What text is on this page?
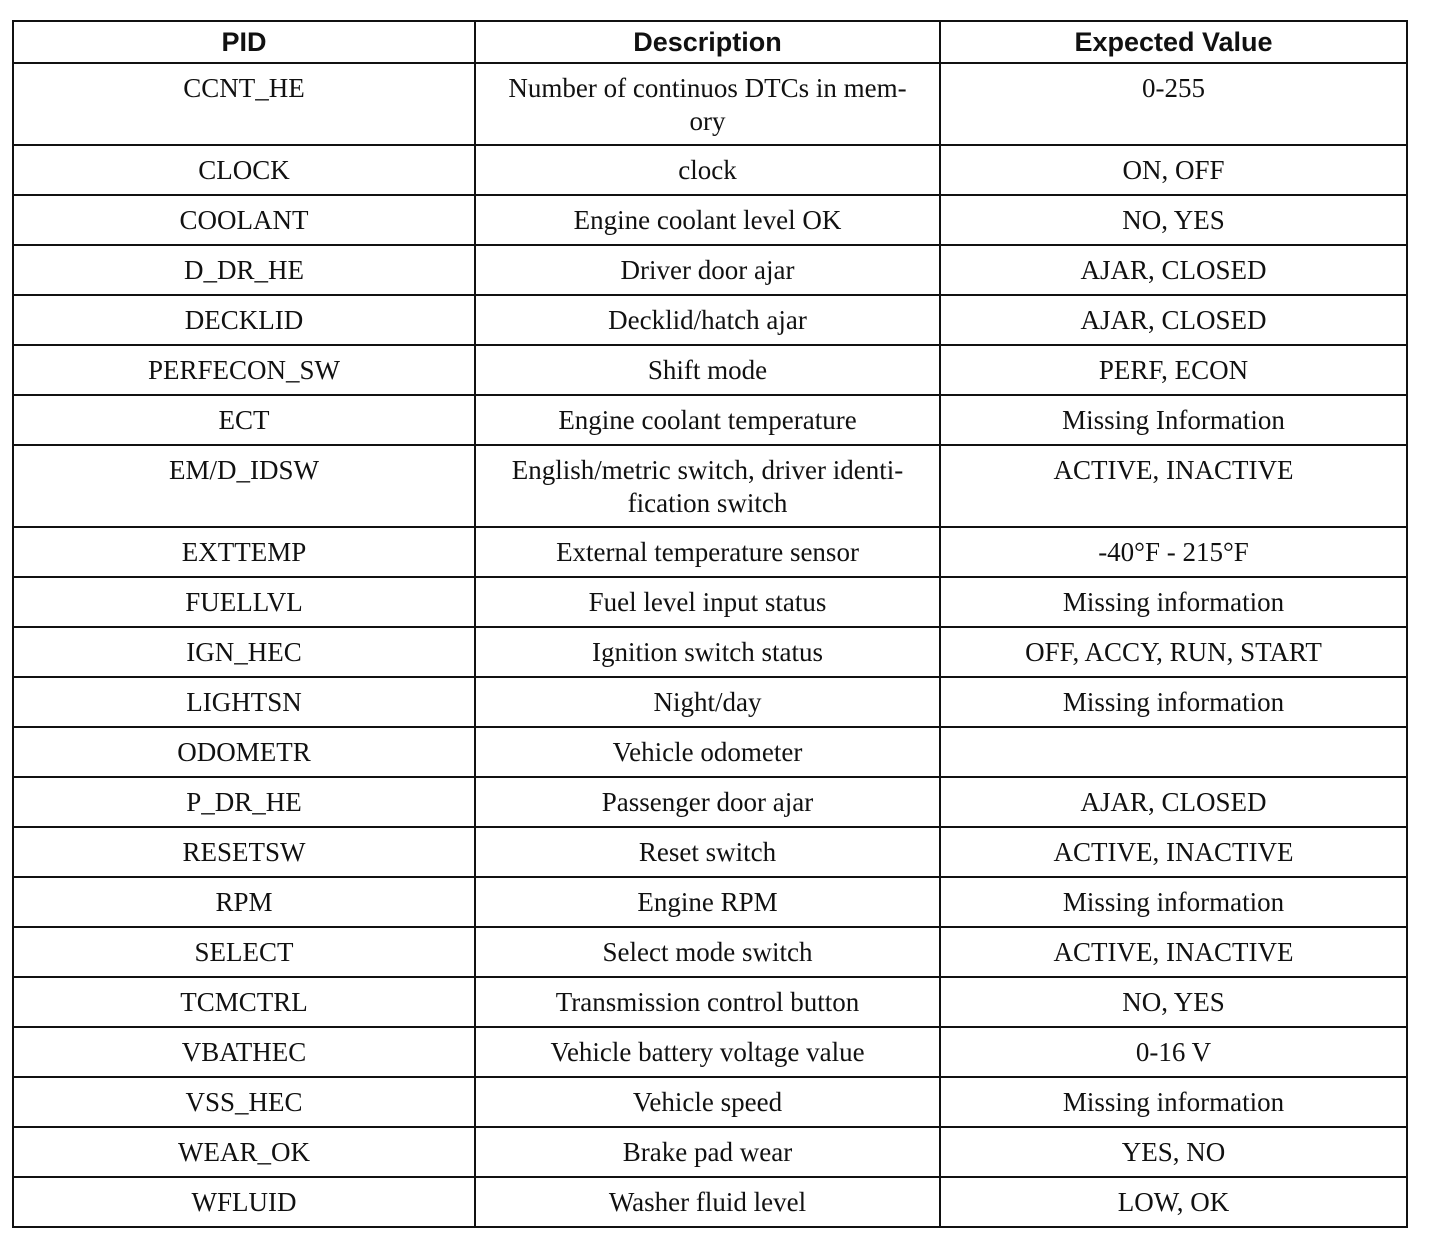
PID	Description	Expected Value
CCNT_HE	Number of continuos DTCs in mem-ory	0-255
CLOCK	clock	ON, OFF
COOLANT	Engine coolant level OK	NO, YES
D_DR_HE	Driver door ajar	AJAR, CLOSED
DECKLID	Decklid/hatch ajar	AJAR, CLOSED
PERFECON_SW	Shift mode	PERF, ECON
ECT	Engine coolant temperature	Missing Information
EM/D_IDSW	English/metric switch, driver identi-fication switch	ACTIVE, INACTIVE
EXTTEMP	External temperature sensor	-40°F - 215°F
FUELLVL	Fuel level input status	Missing information
IGN_HEC	Ignition switch status	OFF, ACCY, RUN, START
LIGHTSN	Night/day	Missing information
ODOMETR	Vehicle odometer	
P_DR_HE	Passenger door ajar	AJAR, CLOSED
RESETSW	Reset switch	ACTIVE, INACTIVE
RPM	Engine RPM	Missing information
SELECT	Select mode switch	ACTIVE, INACTIVE
TCMCTRL	Transmission control button	NO, YES
VBATHEC	Vehicle battery voltage value	0-16 V
VSS_HEC	Vehicle speed	Missing information
WEAR_OK	Brake pad wear	YES, NO
WFLUID	Washer fluid level	LOW, OK
